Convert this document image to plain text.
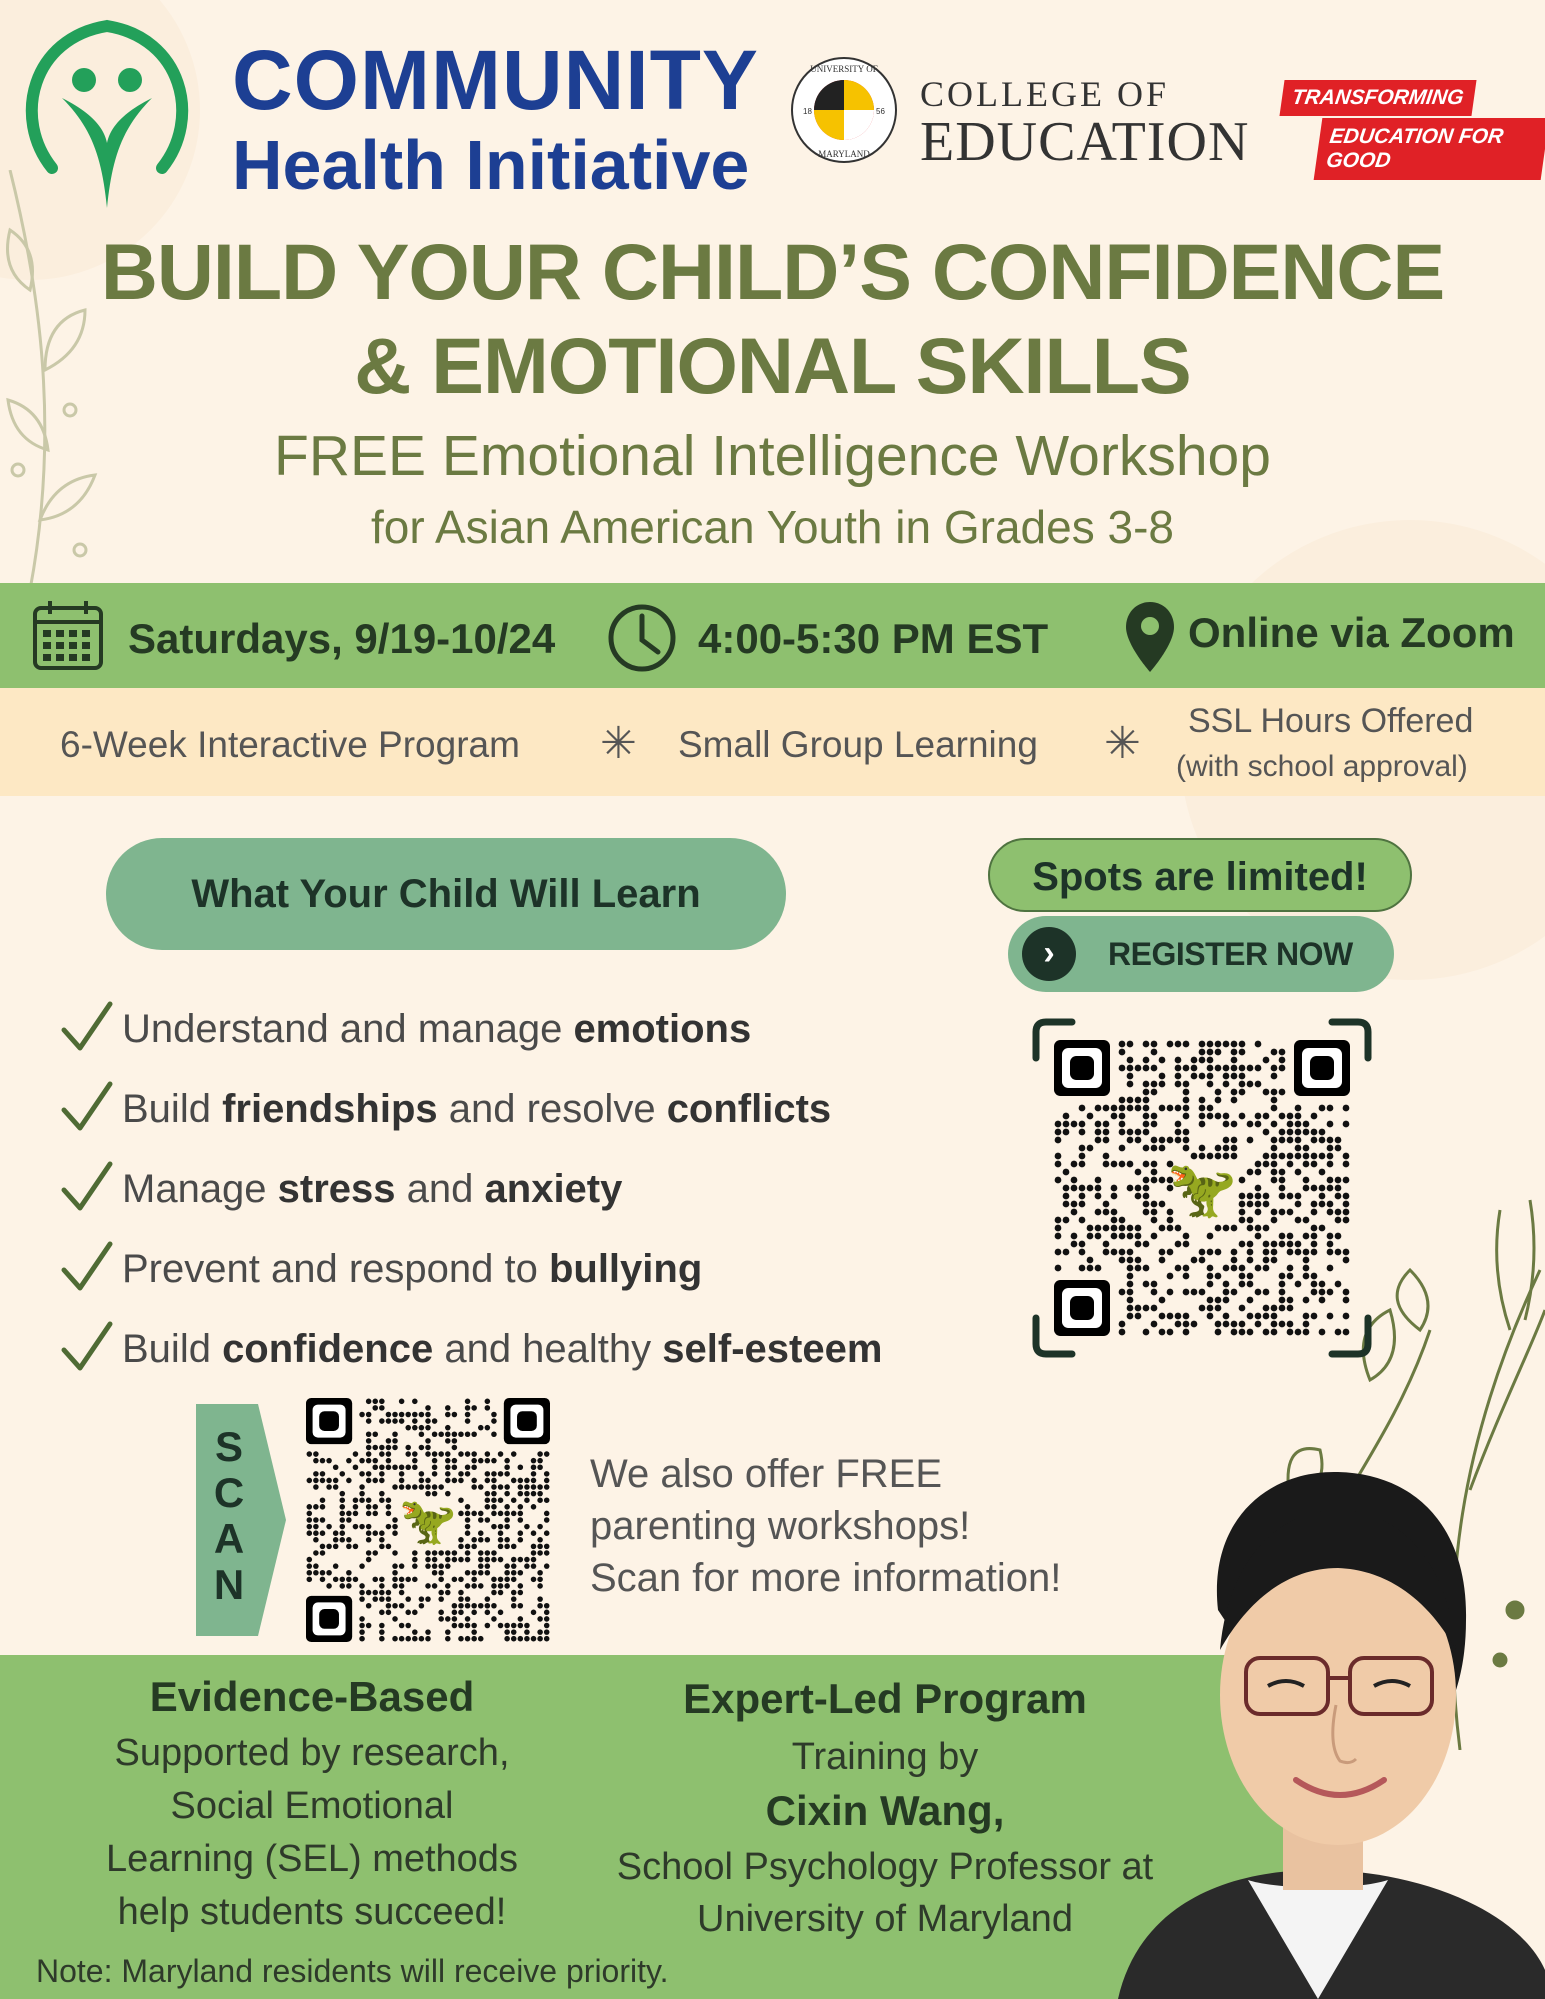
COMMUNITY
Health Initiative
UNIVERSITY OF
MARYLAND
18	56 COLLEGE OF
EDUCATION
TRANSFORMING
EDUCATION FOR GOOD
BUILD YOUR CHILD’S CONFIDENCE
& EMOTIONAL SKILLS
FREE Emotional Intelligence Workshop
for Asian American Youth in Grades 3-8
Saturdays, 9/19-10/24	4:00-5:30 PM EST	Online via Zoom
6-Week Interactive Program ✳ Small Group Learning ✳ SSL Hours Offered
(with school approval)
What Your Child Will Learn
Understand and manage emotions
Build friendships and resolve conflicts
Manage stress and anxiety
Prevent and respond to bullying
Build confidence and healthy self-esteem
Spots are limited!
›	REGISTER NOW
🦖
S
C
A
N
🦖
We also offer FREE
parenting workshops!
Scan for more information!
Evidence-Based
Supported by research,
Social Emotional
Learning (SEL) methods
help students succeed!
Expert-Led Program
Training by
Cixin Wang,
School Psychology Professor at
University of Maryland
Note: Maryland residents will receive priority.
